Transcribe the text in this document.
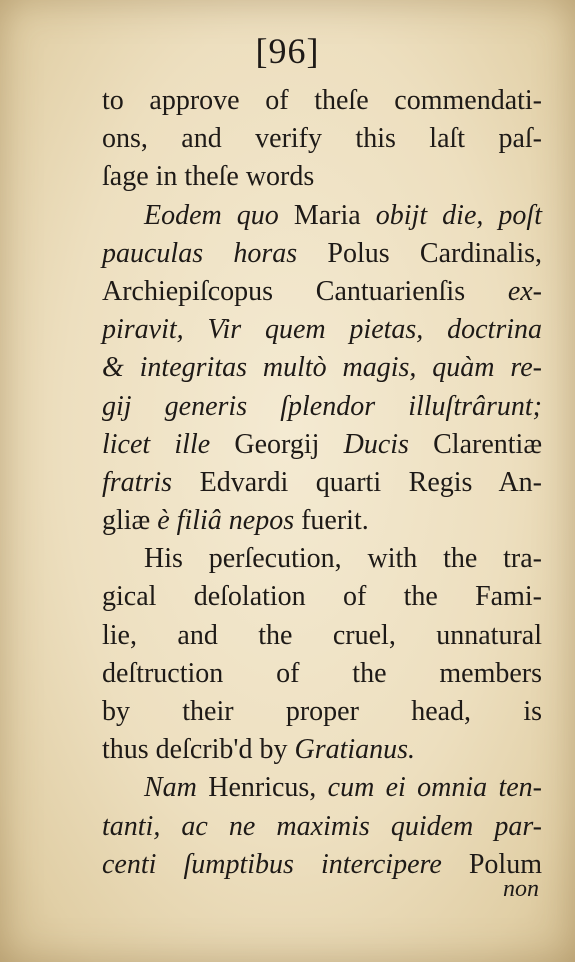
[96]
to approve of theſe commendati-
ons, and verify this laſt paſ-
ſage in theſe words
Eodem quo Maria obijt die, poſt
pauculas horas Polus Cardinalis,
Archiepiſcopus Cantuarienſis ex-
piravit, Vir quem pietas, doctrina
& integritas multò magis, quàm re-
gij generis ſplendor illuſtrârunt;
licet ille Georgij Ducis Clarentiæ
fratris Edvardi quarti Regis An-
gliæ è filiâ nepos fuerit.
His perſecution, with the tra-
gical deſolation of the Fami-
lie, and the cruel, unnatural
deſtruction of the members
by their proper head, is
thus deſcrib'd by Gratianus.
Nam Henricus, cum ei omnia ten-
tanti, ac ne maximis quidem par-
centi ſumptibus intercipere Polum
non
